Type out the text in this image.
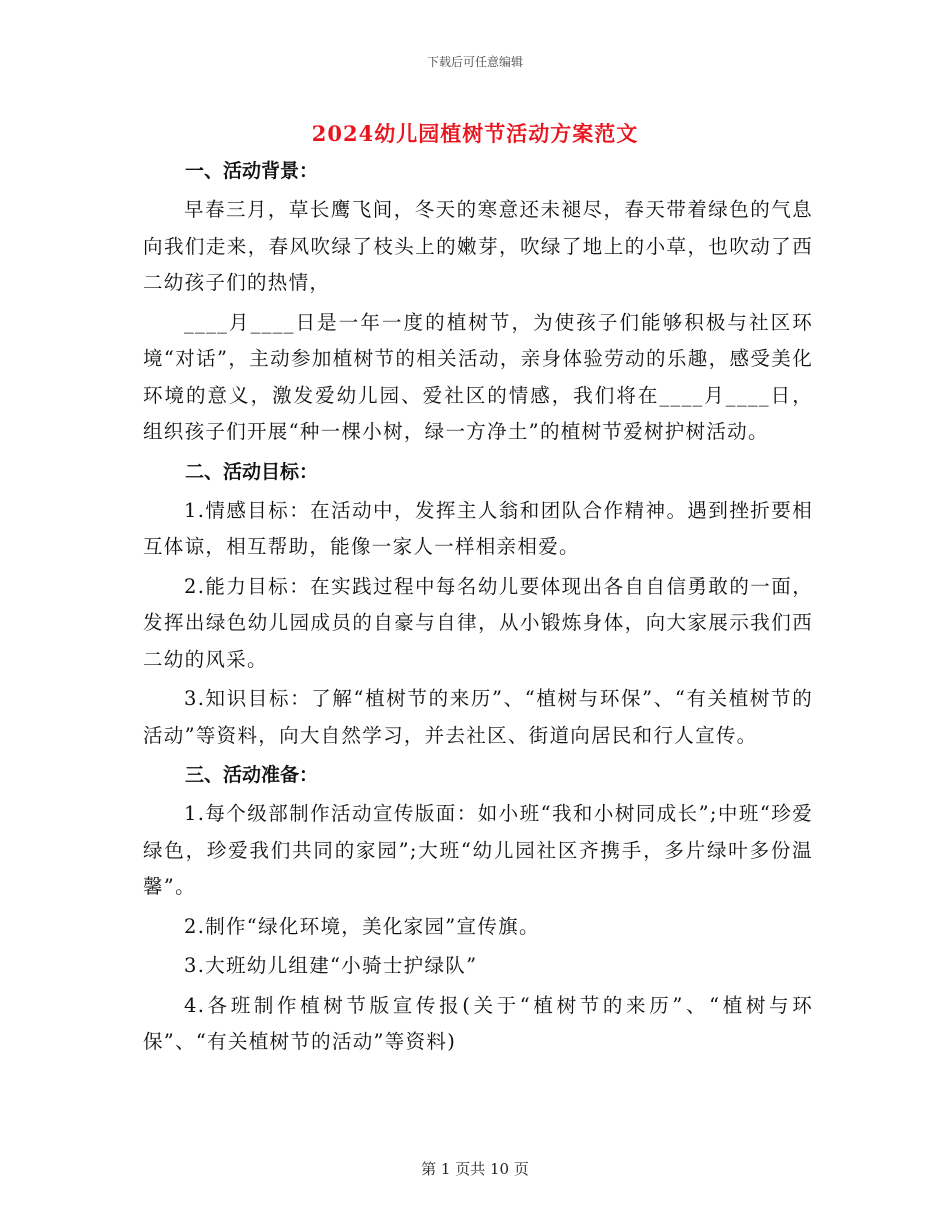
下载后可任意编辑
2024幼儿园植树节活动方案范文
一、活动背景：

早春三月，草长鹰飞间，冬天的寒意还未褪尽，春天带着绿色的气息向我们走来，春风吹绿了枝头上的嫩芽，吹绿了地上的小草，也吹动了西二幼孩子们的热情，

____月____日是一年一度的植树节，为使孩子们能够积极与社区环境“对话”，主动参加植树节的相关活动，亲身体验劳动的乐趣，感受美化环境的意义，激发爱幼儿园、爱社区的情感，我们将在____月____日，组织孩子们开展“种一棵小树，绿一方净土”的植树节爱树护树活动。

二、活动目标：

1.情感目标：在活动中，发挥主人翁和团队合作精神。遇到挫折要相互体谅，相互帮助，能像一家人一样相亲相爱。

2.能力目标：在实践过程中每名幼儿要体现出各自自信勇敢的一面，发挥出绿色幼儿园成员的自豪与自律，从小锻炼身体，向大家展示我们西二幼的风采。

3.知识目标：了解“植树节的来历”、“植树与环保”、“有关植树节的活动”等资料，向大自然学习，并去社区、街道向居民和行人宣传。

三、活动准备：

1.每个级部制作活动宣传版面：如小班“我和小树同成长”;中班“珍爱绿色，珍爱我们共同的家园”;大班“幼儿园社区齐携手，多片绿叶多份温馨”。

2.制作“绿化环境，美化家园”宣传旗。

3.大班幼儿组建“小骑士护绿队”

4.各班制作植树节版宣传报(关于“植树节的来历”、“植树与环保”、“有关植树节的活动”等资料)

第 1 页共 10 页
